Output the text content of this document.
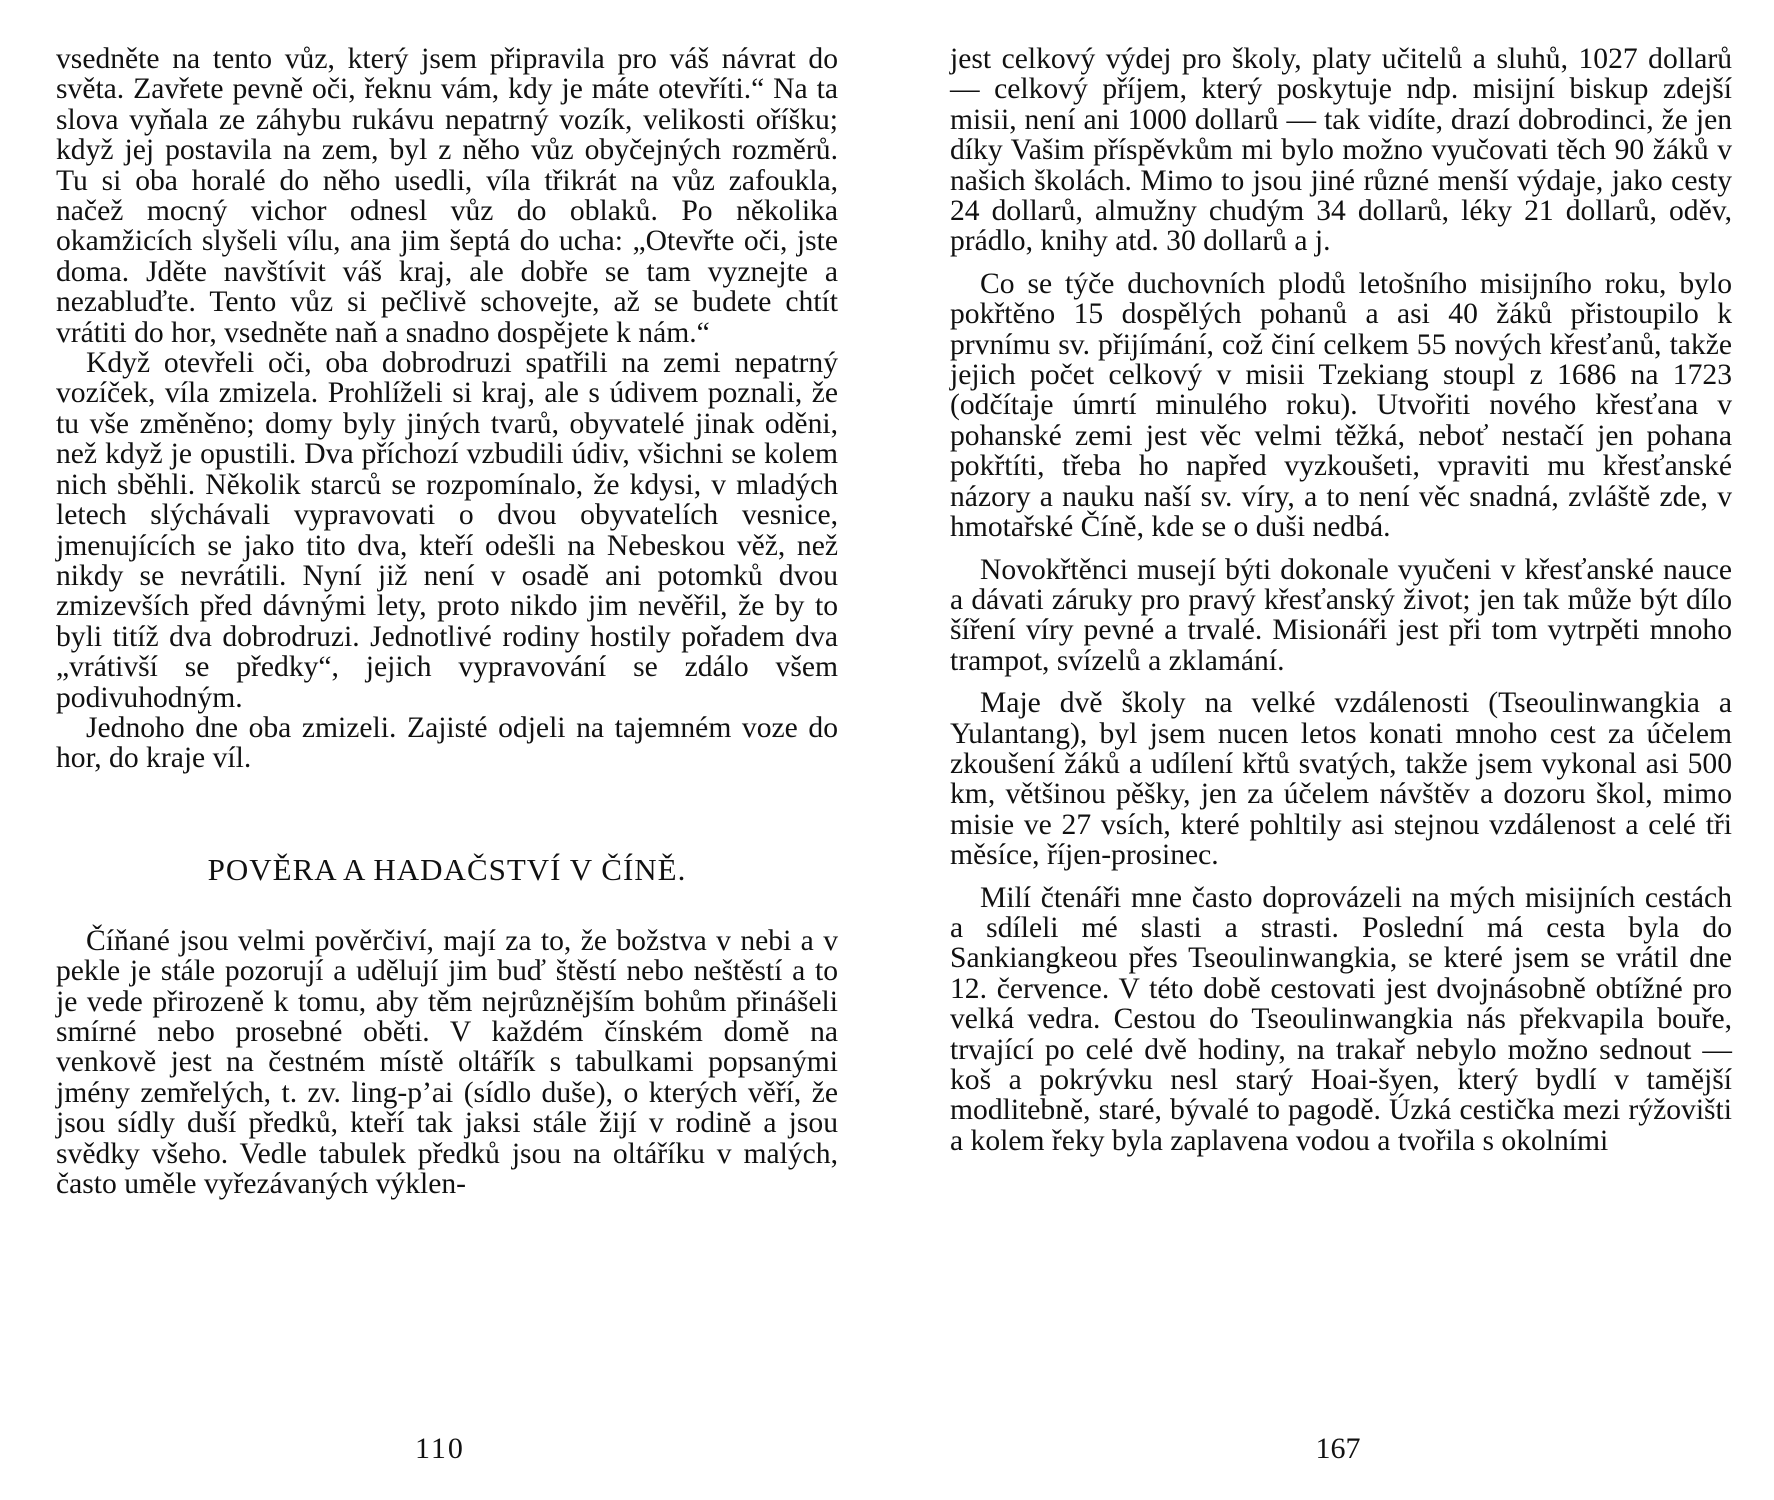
vsedněte na tento vůz, který jsem připravila pro váš návrat do světa. Zavřete pevně oči, řeknu vám, kdy je máte otevříti.“ Na ta slova vyňala ze záhybu rukávu nepatrný vozík, velikosti oříšku; když jej postavila na zem, byl z něho vůz obyčejných rozměrů. Tu si oba horalé do něho usedli, víla třikrát na vůz zafoukla, načež mocný vichor odnesl vůz do oblaků. Po několika okamžicích slyšeli vílu, ana jim šeptá do ucha: „Otevřte oči, jste doma. Jděte navštívit váš kraj, ale dobře se tam vyznejte a nezabluďte. Tento vůz si pečlivě schovejte, až se budete chtít vrátiti do hor, vsedněte naň a snadno dospějete k nám.“

Když otevřeli oči, oba dobrodruzi spatřili na zemi nepatrný vozíček, víla zmizela. Prohlíželi si kraj, ale s údivem poznali, že tu vše změněno; domy byly jiných tvarů, obyvatelé jinak oděni, než když je opustili. Dva příchozí vzbudili údiv, všichni se kolem nich sběhli. Několik starců se rozpomínalo, že kdysi, v mladých letech slýchávali vypravovati o dvou obyvatelích vesnice, jmenujících se jako tito dva, kteří odešli na Nebeskou věž, než nikdy se nevrátili. Nyní již není v osadě ani potomků dvou zmizevších před dávnými lety, proto nikdo jim nevěřil, že by to byli titíž dva dobrodruzi. Jednotlivé rodiny hostily pořadem dva „vrátivší se předky“, jejich vypravování se zdálo všem podivuhodným.

Jednoho dne oba zmizeli. Zajisté odjeli na tajemném voze do hor, do kraje víl.

POVĚRA A HADAČSTVÍ V ČÍNĚ.

Číňané jsou velmi pověrčiví, mají za to, že božstva v nebi a v pekle je stále pozorují a udělují jim buď štěstí nebo neštěstí a to je vede přirozeně k tomu, aby těm nejrůznějším bohům přinášeli smírné nebo prosebné oběti. V každém čínském domě na venkově jest na čestném místě oltářík s tabulkami popsanými jmény zemřelých, t. zv. ling-p’ai (sídlo duše), o kterých věří, že jsou sídly duší předků, kteří tak jaksi stále žijí v rodině a jsou svědky všeho. Vedle tabulek předků jsou na oltáříku v malých, často uměle vyřezávaných výklen-

110

jest celkový výdej pro školy, platy učitelů a sluhů, 1027 dollarů — celkový příjem, který poskytuje ndp. misijní biskup zdejší misii, není ani 1000 dollarů — tak vidíte, drazí dobrodinci, že jen díky Vašim příspěvkům mi bylo možno vyučovati těch 90 žáků v našich školách. Mimo to jsou jiné různé menší výdaje, jako cesty 24 dollarů, almužny chudým 34 dollarů, léky 21 dollarů, oděv, prádlo, knihy atd. 30 dollarů a j.

Co se týče duchovních plodů letošního misijního roku, bylo pokřtěno 15 dospělých pohanů a asi 40 žáků přistoupilo k prvnímu sv. přijímání, což činí celkem 55 nových křesťanů, takže jejich počet celkový v misii Tzekiang stoupl z 1686 na 1723 (odčítaje úmrtí minulého roku). Utvořiti nového křesťana v pohanské zemi jest věc velmi těžká, neboť nestačí jen pohana pokřtíti, třeba ho napřed vyzkoušeti, vpraviti mu křesťanské názory a nauku naší sv. víry, a to není věc snadná, zvláště zde, v hmotařské Číně, kde se o duši nedbá.

Novokřtěnci musejí býti dokonale vyučeni v křesťanské nauce a dávati záruky pro pravý křesťanský život; jen tak může být dílo šíření víry pevné a trvalé. Misionáři jest při tom vytrpěti mnoho trampot, svízelů a zklamání.

Maje dvě školy na velké vzdálenosti (Tseoulinwangkia a Yulantang), byl jsem nucen letos konati mnoho cest za účelem zkoušení žáků a udílení křtů svatých, takže jsem vykonal asi 500 km, většinou pěšky, jen za účelem návštěv a dozoru škol, mimo misie ve 27 vsích, které pohltily asi stejnou vzdálenost a celé tři měsíce, říjen-prosinec.

Milí čtenáři mne často doprovázeli na mých misijních cestách a sdíleli mé slasti a strasti. Poslední má cesta byla do Sankiangkeou přes Tseoulinwangkia, se které jsem se vrátil dne 12. července. V této době cestovati jest dvojnásobně obtížné pro velká vedra. Cestou do Tseoulinwangkia nás překvapila bouře, trvající po celé dvě hodiny, na trakař nebylo možno sednout — koš a pokrývku nesl starý Hoai-šyen, který bydlí v tamější modlitebně, staré, bývalé to pagodě. Úzká cestička mezi rýžovišti a kolem řeky byla zaplavena vodou a tvořila s okolními

167
